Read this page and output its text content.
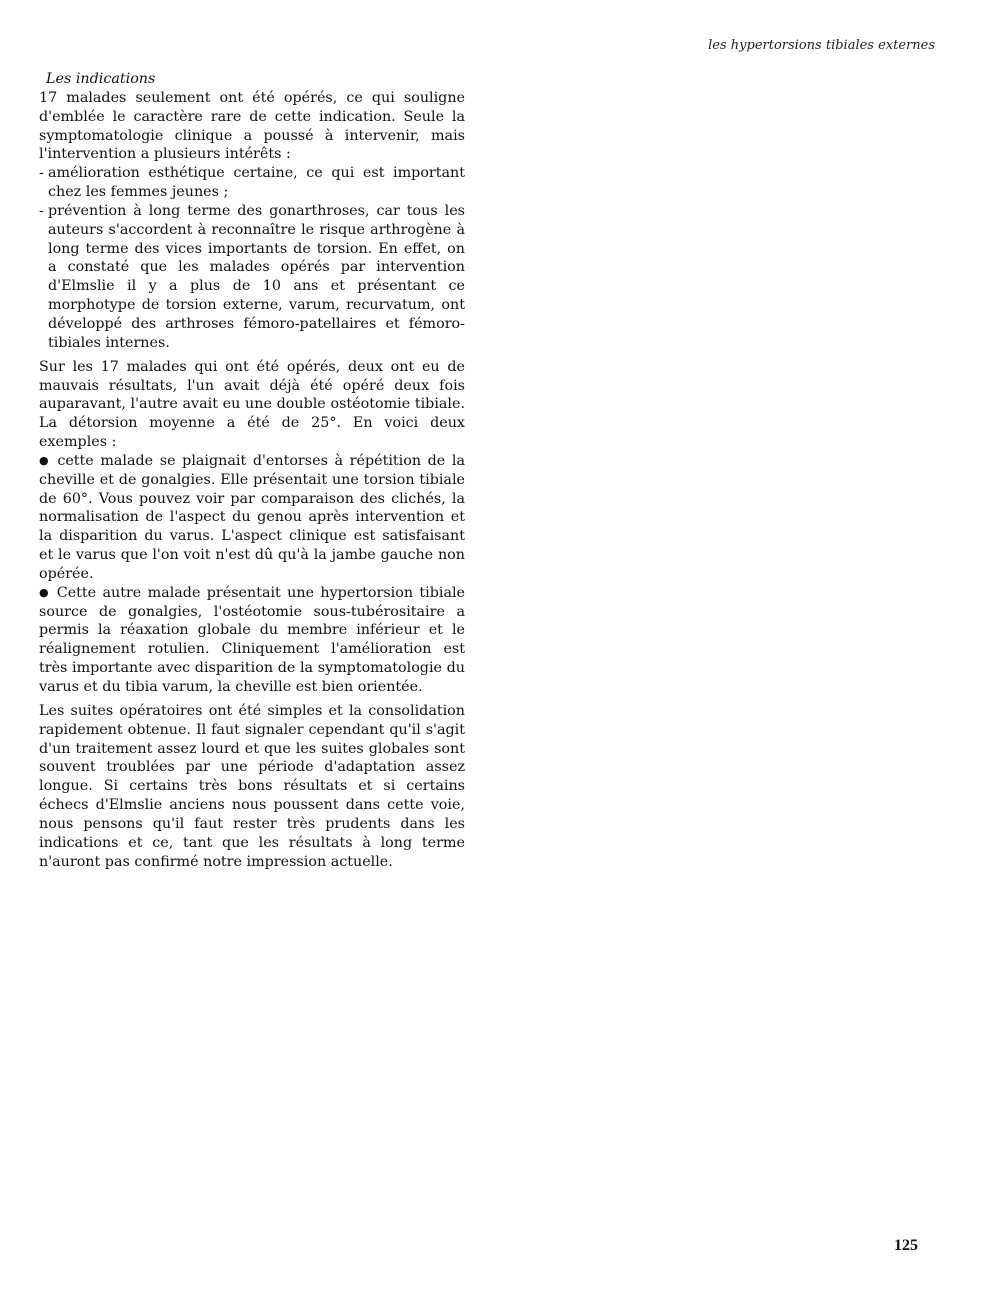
les hypertorsions tibiales externes

Les indications

17 malades seulement ont été opérés, ce qui souligne d'emblée le caractère rare de cette indication. Seule la symptomatologie clinique a poussé à intervenir, mais l'intervention a plusieurs intérêts :

- amélioration esthétique certaine, ce qui est important chez les femmes jeunes ;
- prévention à long terme des gonarthroses, car tous les auteurs s'accordent à reconnaître le risque arthrogène à long terme des vices importants de torsion. En effet, on a constaté que les malades opérés par intervention d'Elmslie il y a plus de 10 ans et présentant ce morphotype de torsion externe, varum, recurvatum, ont développé des arthroses fémoro-patellaires et fémoro-tibiales internes.

Sur les 17 malades qui ont été opérés, deux ont eu de mauvais résultats, l'un avait déjà été opéré deux fois auparavant, l'autre avait eu une double ostéotomie tibiale. La détorsion moyenne a été de 25°. En voici deux exemples :

● cette malade se plaignait d'entorses à répétition de la cheville et de gonalgies. Elle présentait une torsion tibiale de 60°. Vous pouvez voir par comparaison des clichés, la normalisation de l'aspect du genou après intervention et la disparition du varus. L'aspect clinique est satisfaisant et le varus que l'on voit n'est dû qu'à la jambe gauche non opérée.

● Cette autre malade présentait une hypertorsion tibiale source de gonalgies, l'ostéotomie sous-tubérositaire a permis la réaxation globale du membre inférieur et le réalignement rotulien. Cliniquement l'amélioration est très importante avec disparition de la symptomatologie du varus et du tibia varum, la cheville est bien orientée.

Les suites opératoires ont été simples et la consolidation rapidement obtenue. Il faut signaler cependant qu'il s'agit d'un traitement assez lourd et que les suites globales sont souvent troublées par une période d'adaptation assez longue. Si certains très bons résultats et si certains échecs d'Elmslie anciens nous poussent dans cette voie, nous pensons qu'il faut rester très prudents dans les indications et ce, tant que les résultats à long terme n'auront pas confirmé notre impression actuelle.

125
